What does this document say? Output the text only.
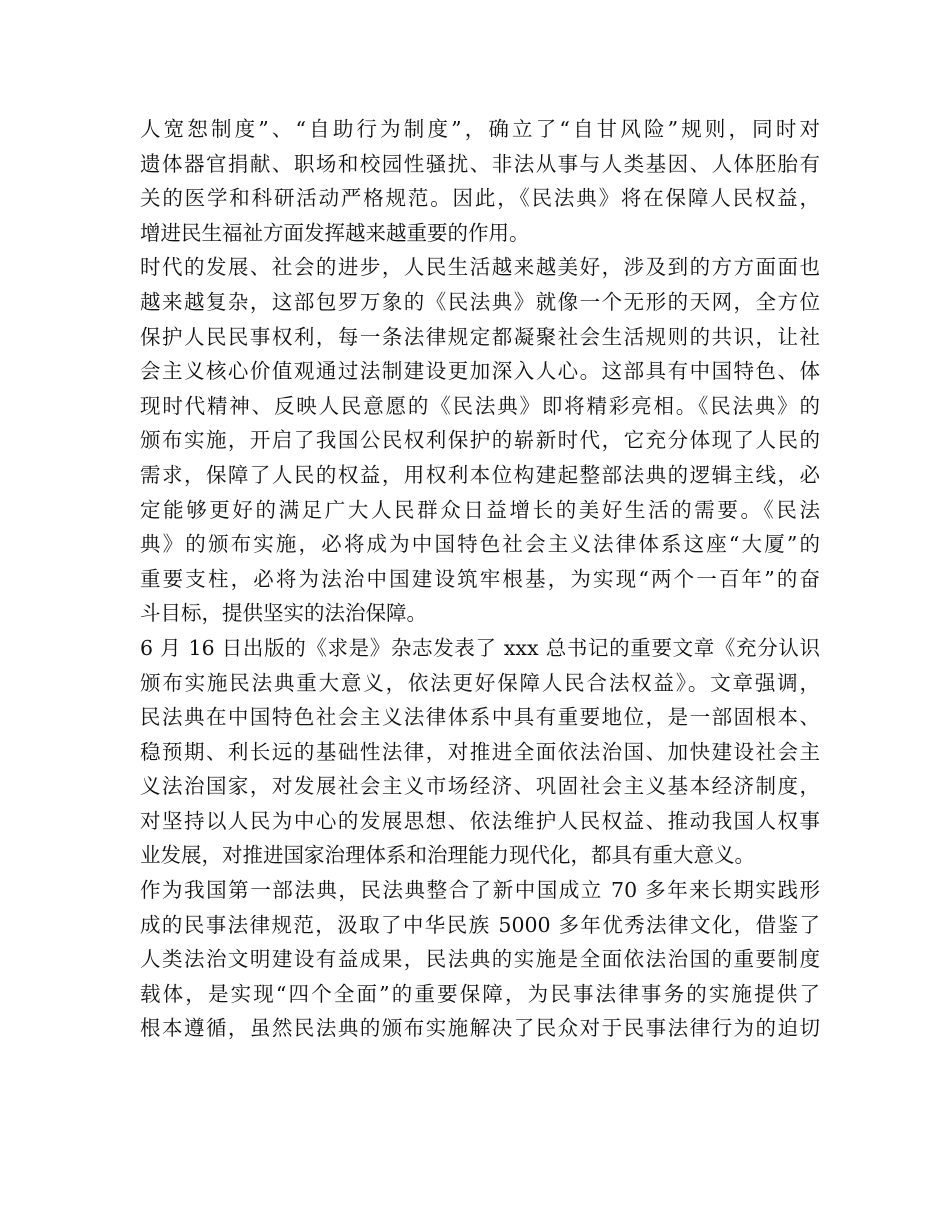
人宽恕制度”、“自助行为制度”，确立了“自甘风险”规则，同时对
遗体器官捐献、职场和校园性骚扰、非法从事与人类基因、人体胚胎有
关的医学和科研活动严格规范。因此，《民法典》将在保障人民权益，
增进民生福祉方面发挥越来越重要的作用。
时代的发展、社会的进步，人民生活越来越美好，涉及到的方方面面也
越来越复杂，这部包罗万象的《民法典》就像一个无形的天网，全方位
保护人民民事权利，每一条法律规定都凝聚社会生活规则的共识，让社
会主义核心价值观通过法制建设更加深入人心。这部具有中国特色、体
现时代精神、反映人民意愿的《民法典》即将精彩亮相。《民法典》的
颁布实施，开启了我国公民权利保护的崭新时代，它充分体现了人民的
需求，保障了人民的权益，用权利本位构建起整部法典的逻辑主线，必
定能够更好的满足广大人民群众日益增长的美好生活的需要。《民法
典》的颁布实施，必将成为中国特色社会主义法律体系这座“大厦”的
重要支柱，必将为法治中国建设筑牢根基，为实现“两个一百年”的奋
斗目标，提供坚实的法治保障。
6 月 16 日出版的《求是》杂志发表了 xxx 总书记的重要文章《充分认识
颁布实施民法典重大意义，依法更好保障人民合法权益》。文章强调，
民法典在中国特色社会主义法律体系中具有重要地位，是一部固根本、
稳预期、利长远的基础性法律，对推进全面依法治国、加快建设社会主
义法治国家，对发展社会主义市场经济、巩固社会主义基本经济制度，
对坚持以人民为中心的发展思想、依法维护人民权益、推动我国人权事
业发展，对推进国家治理体系和治理能力现代化，都具有重大意义。
作为我国第一部法典，民法典整合了新中国成立 70 多年来长期实践形
成的民事法律规范，汲取了中华民族 5000 多年优秀法律文化，借鉴了
人类法治文明建设有益成果，民法典的实施是全面依法治国的重要制度
载体，是实现“四个全面”的重要保障，为民事法律事务的实施提供了
根本遵循，虽然民法典的颁布实施解决了民众对于民事法律行为的迫切
